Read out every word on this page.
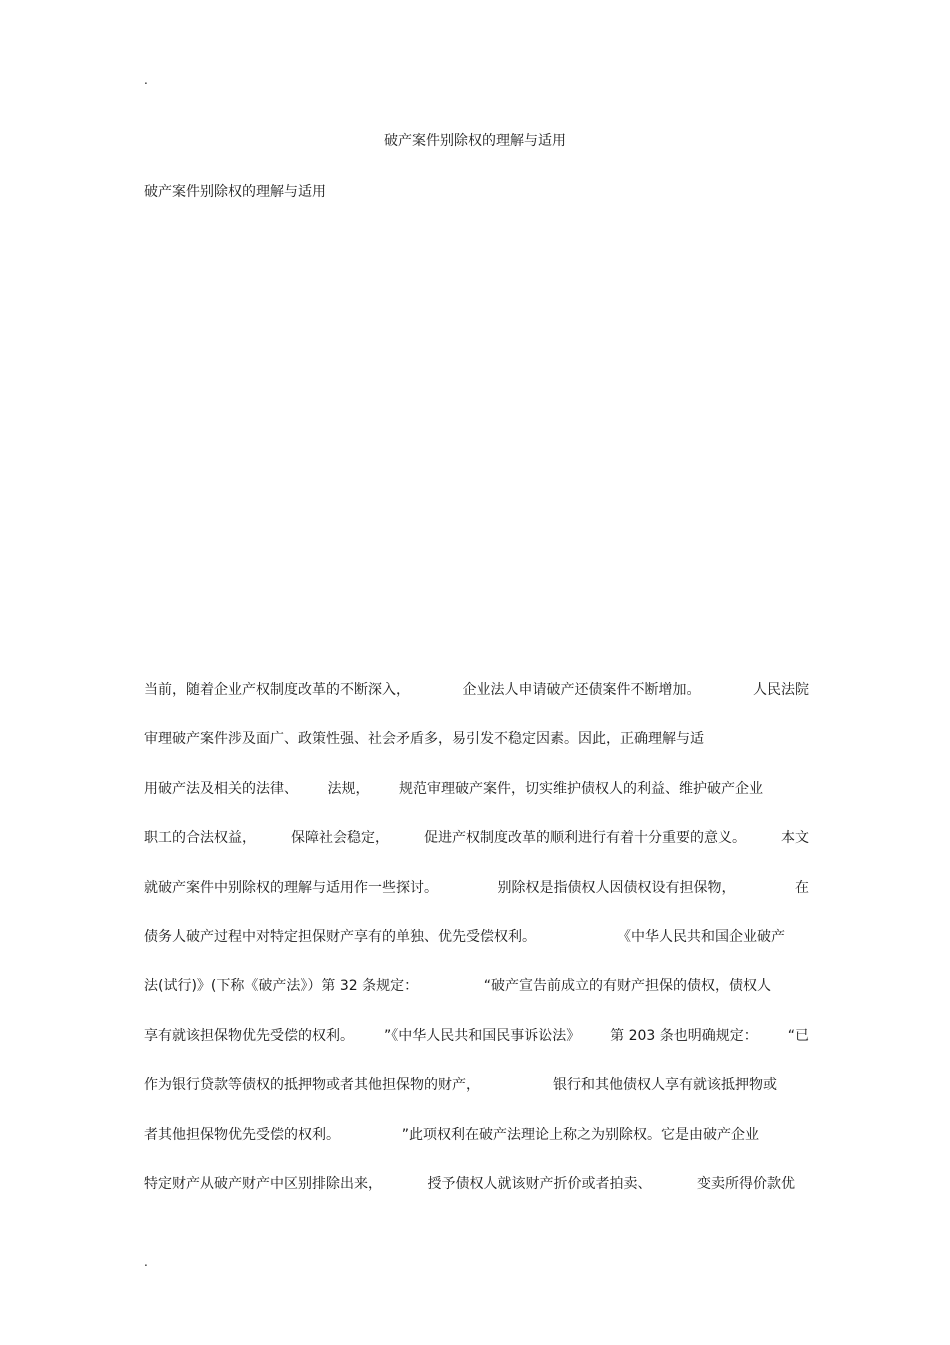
.
破产案件别除权的理解与适用
破产案件别除权的理解与适用
当前，随着企业产权制度改革的不断深入，	企业法人申请破产还债案件不断增加。	人民法院
审理破产案件涉及面广、政策性强、社会矛盾多，易引发不稳定因素。因此，正确理解与适
用破产法及相关的法律、 法规， 规范审理破产案件，切实维护债权人的利益、维护破产企业
职工的合法权益，	保障社会稳定，	促进产权制度改革的顺利进行有着十分重要的意义。	本文
就破产案件中别除权的理解与适用作一些探讨。	别除权是指债权人因债权设有担保物，	在
债务人破产过程中对特定担保财产享有的单独、优先受偿权利。	《中华人民共和国企业破产
法(试行)》(下称《破产法》）第 32 条规定：	“破产宣告前成立的有财产担保的债权，债权人
享有就该担保物优先受偿的权利。 ”《中华人民共和国民事诉讼法》 第 203 条也明确规定： “已
作为银行贷款等债权的抵押物或者其他担保物的财产，	银行和其他债权人享有就该抵押物或
者其他担保物优先受偿的权利。	”此项权利在破产法理论上称之为别除权。它是由破产企业
特定财产从破产财产中区别排除出来，	授予债权人就该财产折价或者拍卖、	变卖所得价款优
.
